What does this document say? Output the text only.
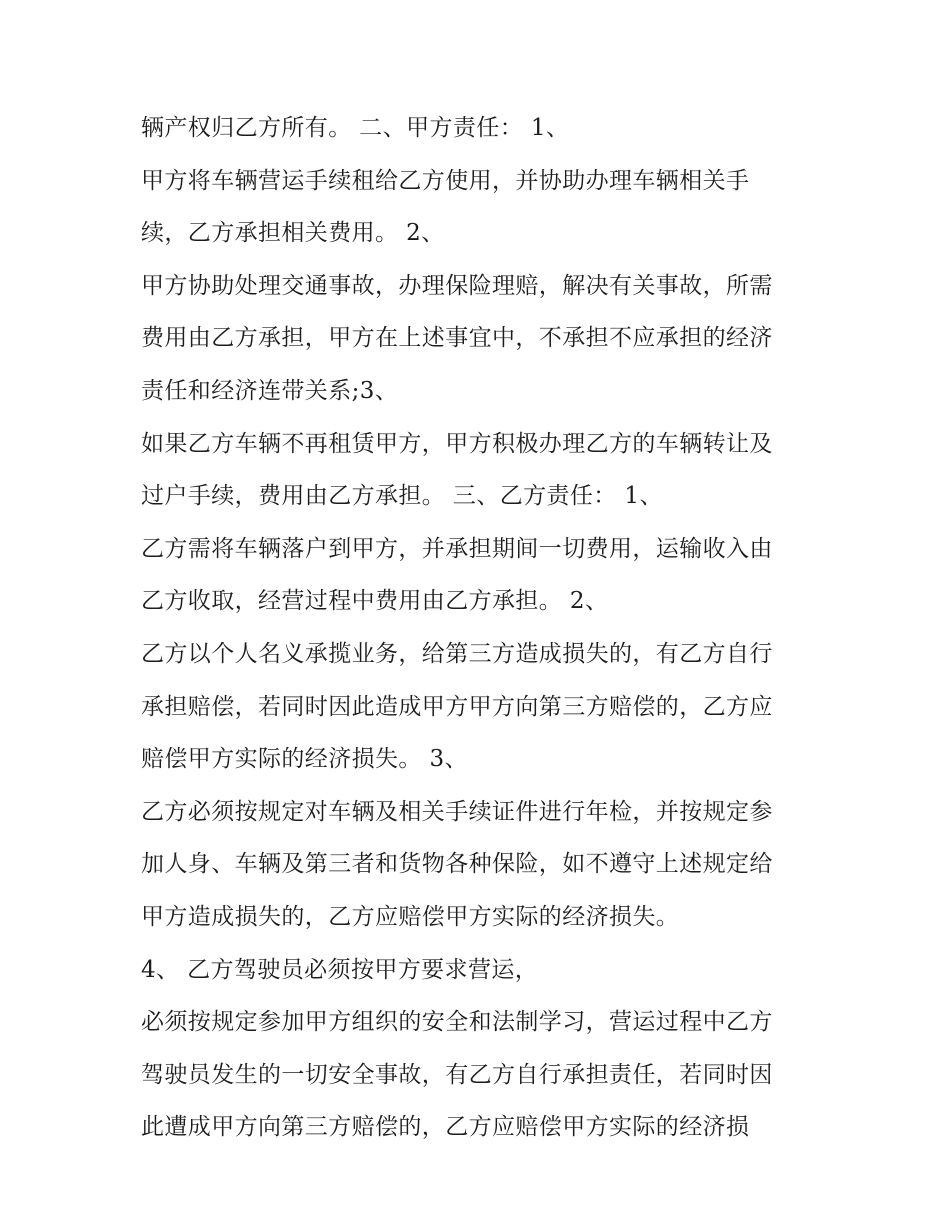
辆产权归乙方所有。 二、甲方责任： 1、
甲方将车辆营运手续租给乙方使用，并协助办理车辆相关手
续，乙方承担相关费用。 2、
甲方协助处理交通事故，办理保险理赔，解决有关事故，所需
费用由乙方承担，甲方在上述事宜中，不承担不应承担的经济
责任和经济连带关系;3、
如果乙方车辆不再租赁甲方，甲方积极办理乙方的车辆转让及
过户手续，费用由乙方承担。 三、乙方责任： 1、
乙方需将车辆落户到甲方，并承担期间一切费用，运输收入由
乙方收取，经营过程中费用由乙方承担。 2、
乙方以个人名义承揽业务，给第三方造成损失的，有乙方自行
承担赔偿，若同时因此造成甲方甲方向第三方赔偿的，乙方应
赔偿甲方实际的经济损失。 3、
乙方必须按规定对车辆及相关手续证件进行年检，并按规定参
加人身、车辆及第三者和货物各种保险，如不遵守上述规定给
甲方造成损失的，乙方应赔偿甲方实际的经济损失。
4、 乙方驾驶员必须按甲方要求营运，
必须按规定参加甲方组织的安全和法制学习，营运过程中乙方
驾驶员发生的一切安全事故，有乙方自行承担责任，若同时因
此遭成甲方向第三方赔偿的，乙方应赔偿甲方实际的经济损
